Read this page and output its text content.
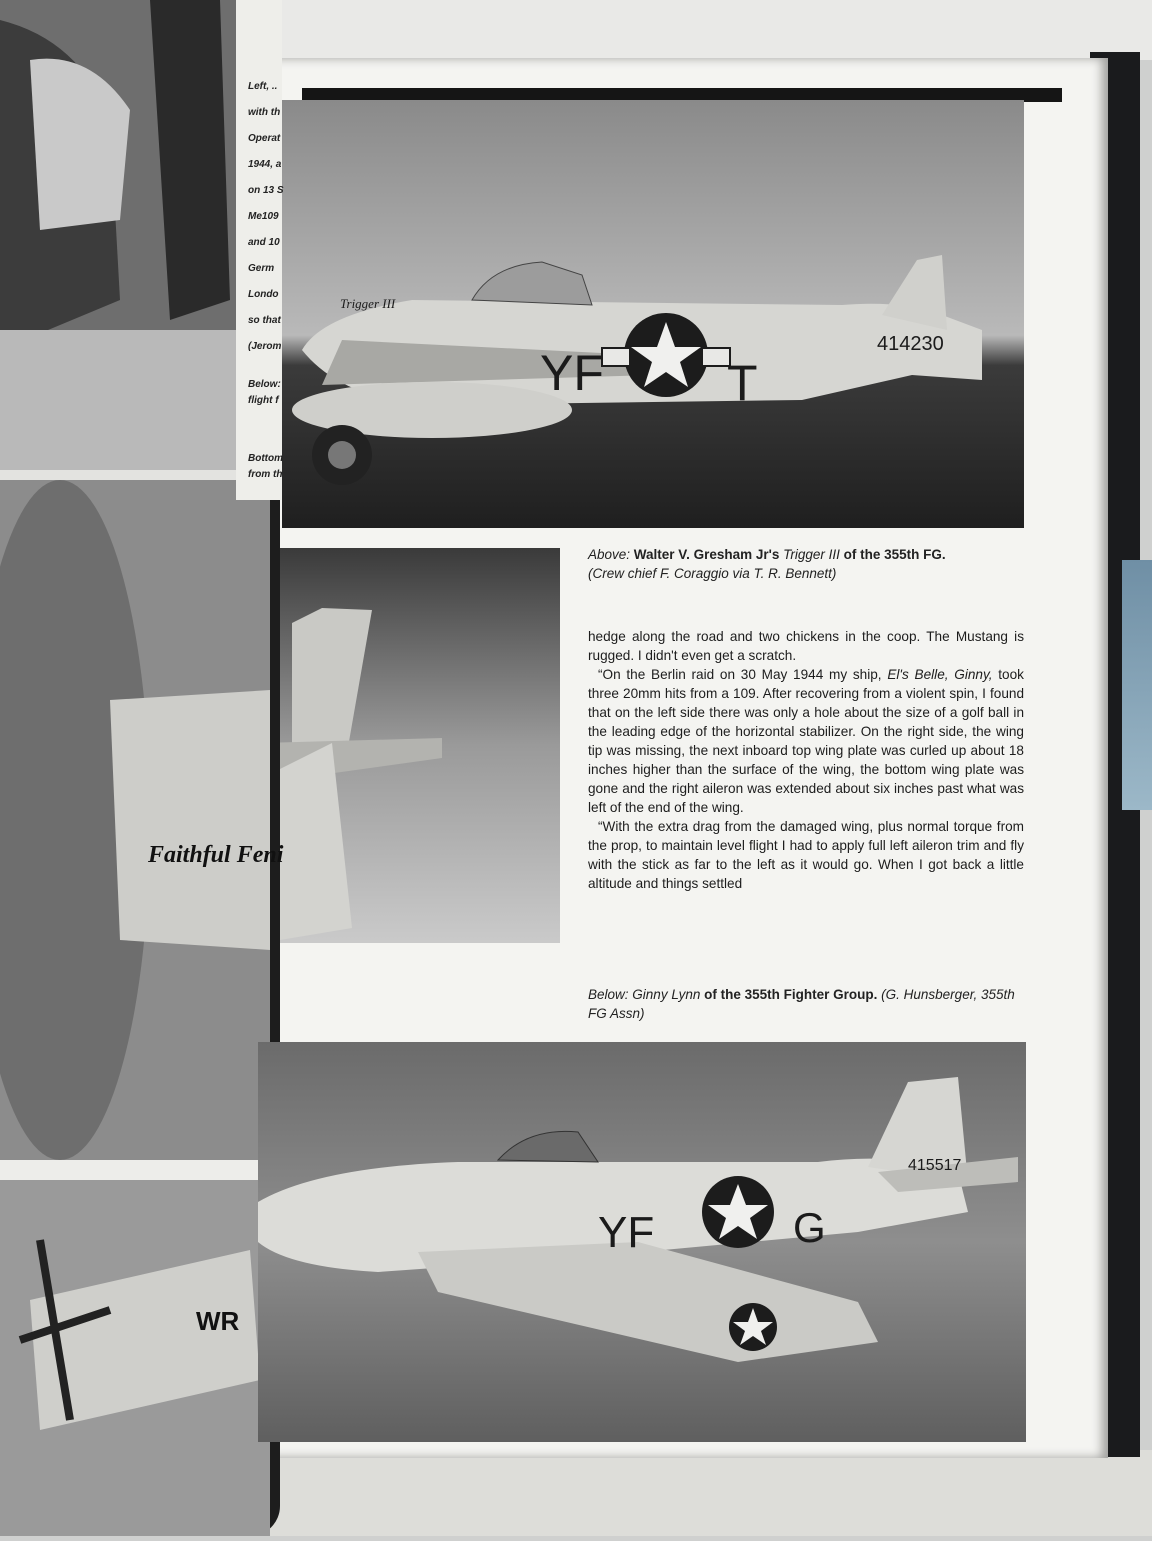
YF T
414230
Trigger III
Faithful Feni
WR
Left, ..
with th
Operat
1944, a
on 13 S
Me109
and 10
Germ
Londo
so that
(Jerom
Below:
flight f
Bottom
from th
Above: Walter V. Gresham Jr's Trigger III of the 355th FG.
(Crew chief F. Coraggio via T. R. Bennett)

hedge along the road and two chickens in the coop. The Mustang is rugged. I didn't even get a scratch.

“On the Berlin raid on 30 May 1944 my ship, El's Belle, Ginny, took three 20mm hits from a 109. After recovering from a violent spin, I found that on the left side there was only a hole about the size of a golf ball in the leading edge of the horizontal stabilizer. On the right side, the wing tip was missing, the next inboard top wing plate was curled up about 18 inches higher than the surface of the wing, the bottom wing plate was gone and the right aileron was extended about six inches past what was left of the end of the wing.

“With the extra drag from the damaged wing, plus normal torque from the prop, to maintain level flight I had to apply full left aileron trim and fly with the stick as far to the left as it would go. When I got back a little altitude and things settled

Below: Ginny Lynn of the 355th Fighter Group. (G. Hunsberger, 355th FG Assn)
YF	G
415517
